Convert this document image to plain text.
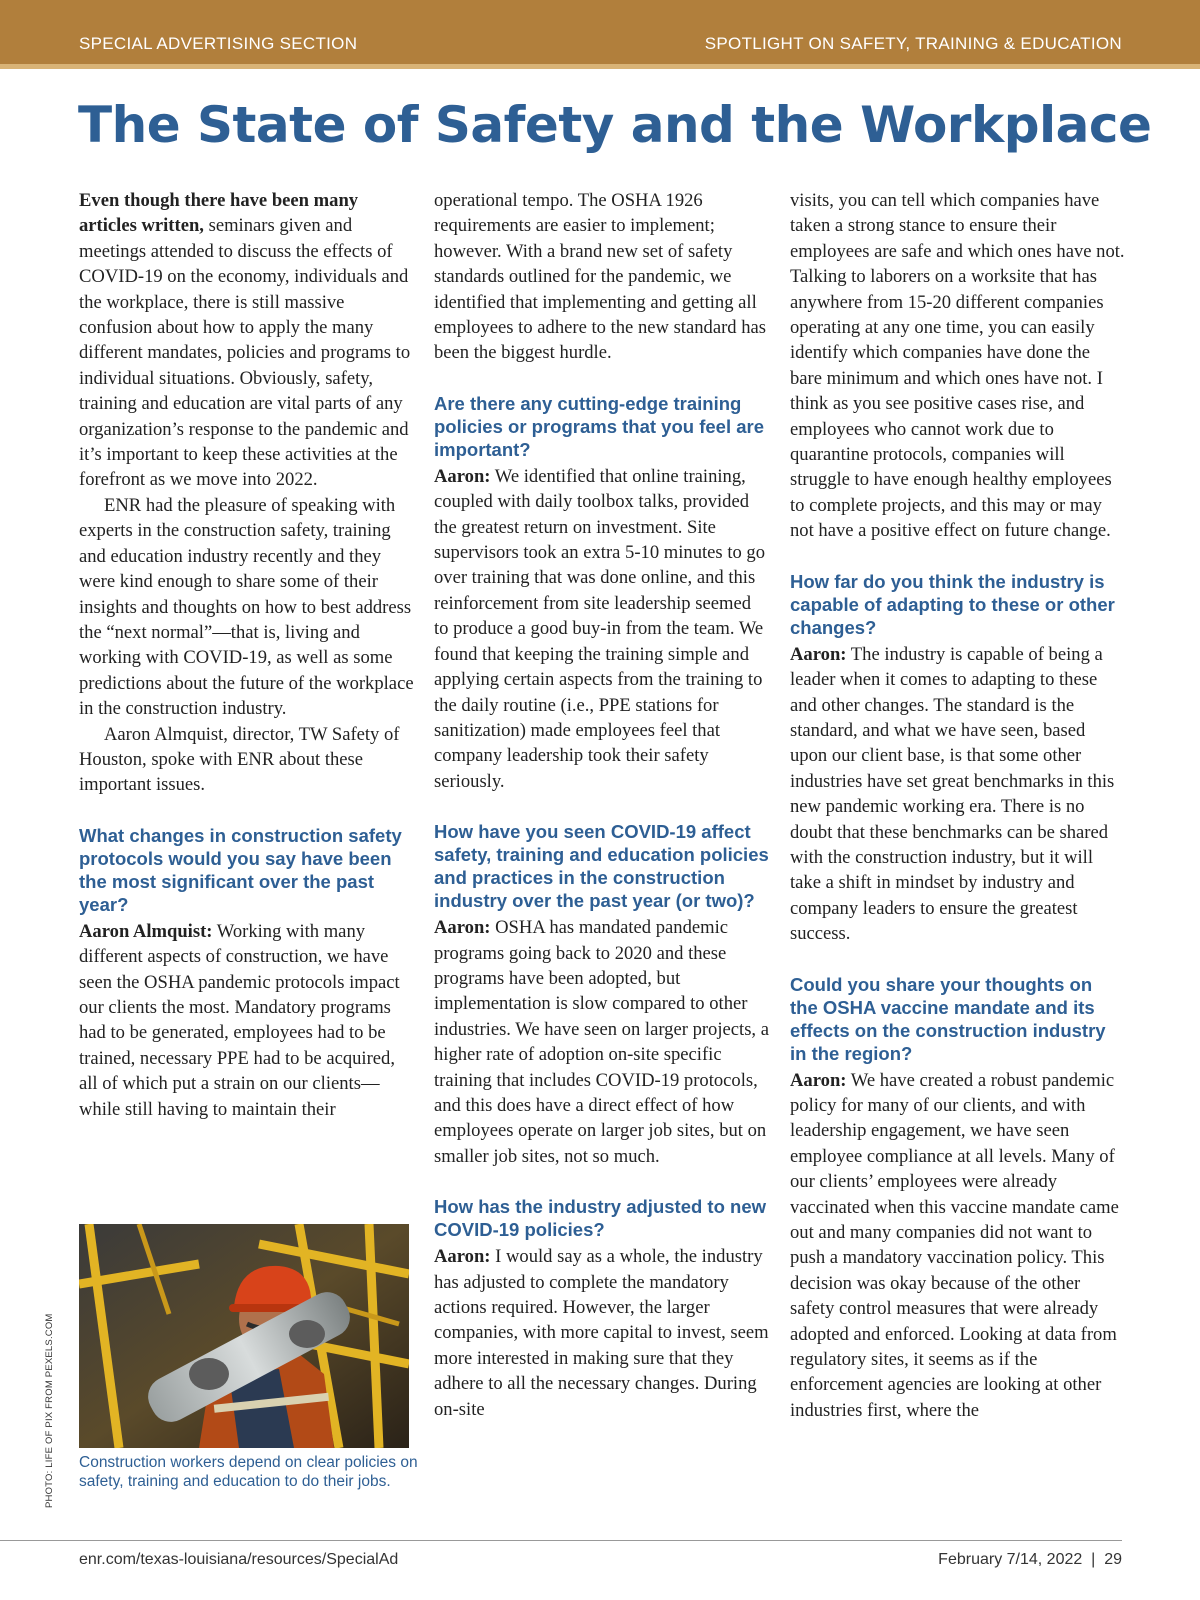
SPECIAL ADVERTISING SECTION	SPOTLIGHT ON SAFETY, TRAINING & EDUCATION
The State of Safety and the Workplace

Even though there have been many articles written, seminars given and meetings attended to discuss the effects of COVID-19 on the economy, individuals and the workplace, there is still massive confusion about how to apply the many different mandates, policies and programs to individual situations. Obviously, safety, training and education are vital parts of any organization’s response to the pandemic and it’s important to keep these activities at the forefront as we move into 2022.

ENR had the pleasure of speaking with experts in the construction safety, training and education industry recently and they were kind enough to share some of their insights and thoughts on how to best address the “next normal”—that is, living and working with COVID-19, as well as some predictions about the future of the workplace in the construction industry.

Aaron Almquist, director, TW Safety of Houston, spoke with ENR about these important issues.

What changes in construction safety protocols would you say have been the most significant over the past year?

Aaron Almquist: Working with many different aspects of construction, we have seen the OSHA pandemic protocols impact our clients the most. Mandatory programs had to be generated, employees had to be trained, necessary PPE had to be acquired, all of which put a strain on our clients—while still having to maintain their

operational tempo. The OSHA 1926 requirements are easier to implement; however. With a brand new set of safety standards outlined for the pandemic, we identified that implementing and getting all employees to adhere to the new standard has been the biggest hurdle.

Are there any cutting-edge training policies or programs that you feel are important?

Aaron: We identified that online training, coupled with daily toolbox talks, provided the greatest return on investment. Site supervisors took an extra 5-10 minutes to go over training that was done online, and this reinforcement from site leadership seemed to produce a good buy-in from the team. We found that keeping the training simple and applying certain aspects from the training to the daily routine (i.e., PPE stations for sanitization) made employees feel that company leadership took their safety seriously.

How have you seen COVID-19 affect safety, training and education policies and practices in the construction industry over the past year (or two)?

Aaron: OSHA has mandated pandemic programs going back to 2020 and these programs have been adopted, but implementation is slow compared to other industries. We have seen on larger projects, a higher rate of adoption on-site specific training that includes COVID-19 protocols, and this does have a direct effect of how employees operate on larger job sites, but on smaller job sites, not so much.

How has the industry adjusted to new COVID-19 policies?

Aaron: I would say as a whole, the industry has adjusted to complete the mandatory actions required. However, the larger companies, with more capital to invest, seem more interested in making sure that they adhere to all the necessary changes. During on-site

visits, you can tell which companies have taken a strong stance to ensure their employees are safe and which ones have not. Talking to laborers on a worksite that has anywhere from 15-20 different companies operating at any one time, you can easily identify which companies have done the bare minimum and which ones have not. I think as you see positive cases rise, and employees who cannot work due to quarantine protocols, companies will struggle to have enough healthy employees to complete projects, and this may or may not have a positive effect on future change.

How far do you think the industry is capable of adapting to these or other changes?

Aaron: The industry is capable of being a leader when it comes to adapting to these and other changes. The standard is the standard, and what we have seen, based upon our client base, is that some other industries have set great benchmarks in this new pandemic working era. There is no doubt that these benchmarks can be shared with the construction industry, but it will take a shift in mindset by industry and company leaders to ensure the greatest success.

Could you share your thoughts on the OSHA vaccine mandate and its effects on the construction industry in the region?

Aaron: We have created a robust pandemic policy for many of our clients, and with leadership engagement, we have seen employee compliance at all levels. Many of our clients’ employees were already vaccinated when this vaccine mandate came out and many companies did not want to push a mandatory vaccination policy. This decision was okay because of the other safety control measures that were already adopted and enforced. Looking at data from regulatory sites, it seems as if the enforcement agencies are looking at other industries first, where the

Construction workers depend on clear policies on safety, training and education to do their jobs.
PHOTO: LIFE OF PIX FROM PEXELS.COM
enr.com/texas-louisiana/resources/SpecialAd	February 7/14, 2022  |  29
